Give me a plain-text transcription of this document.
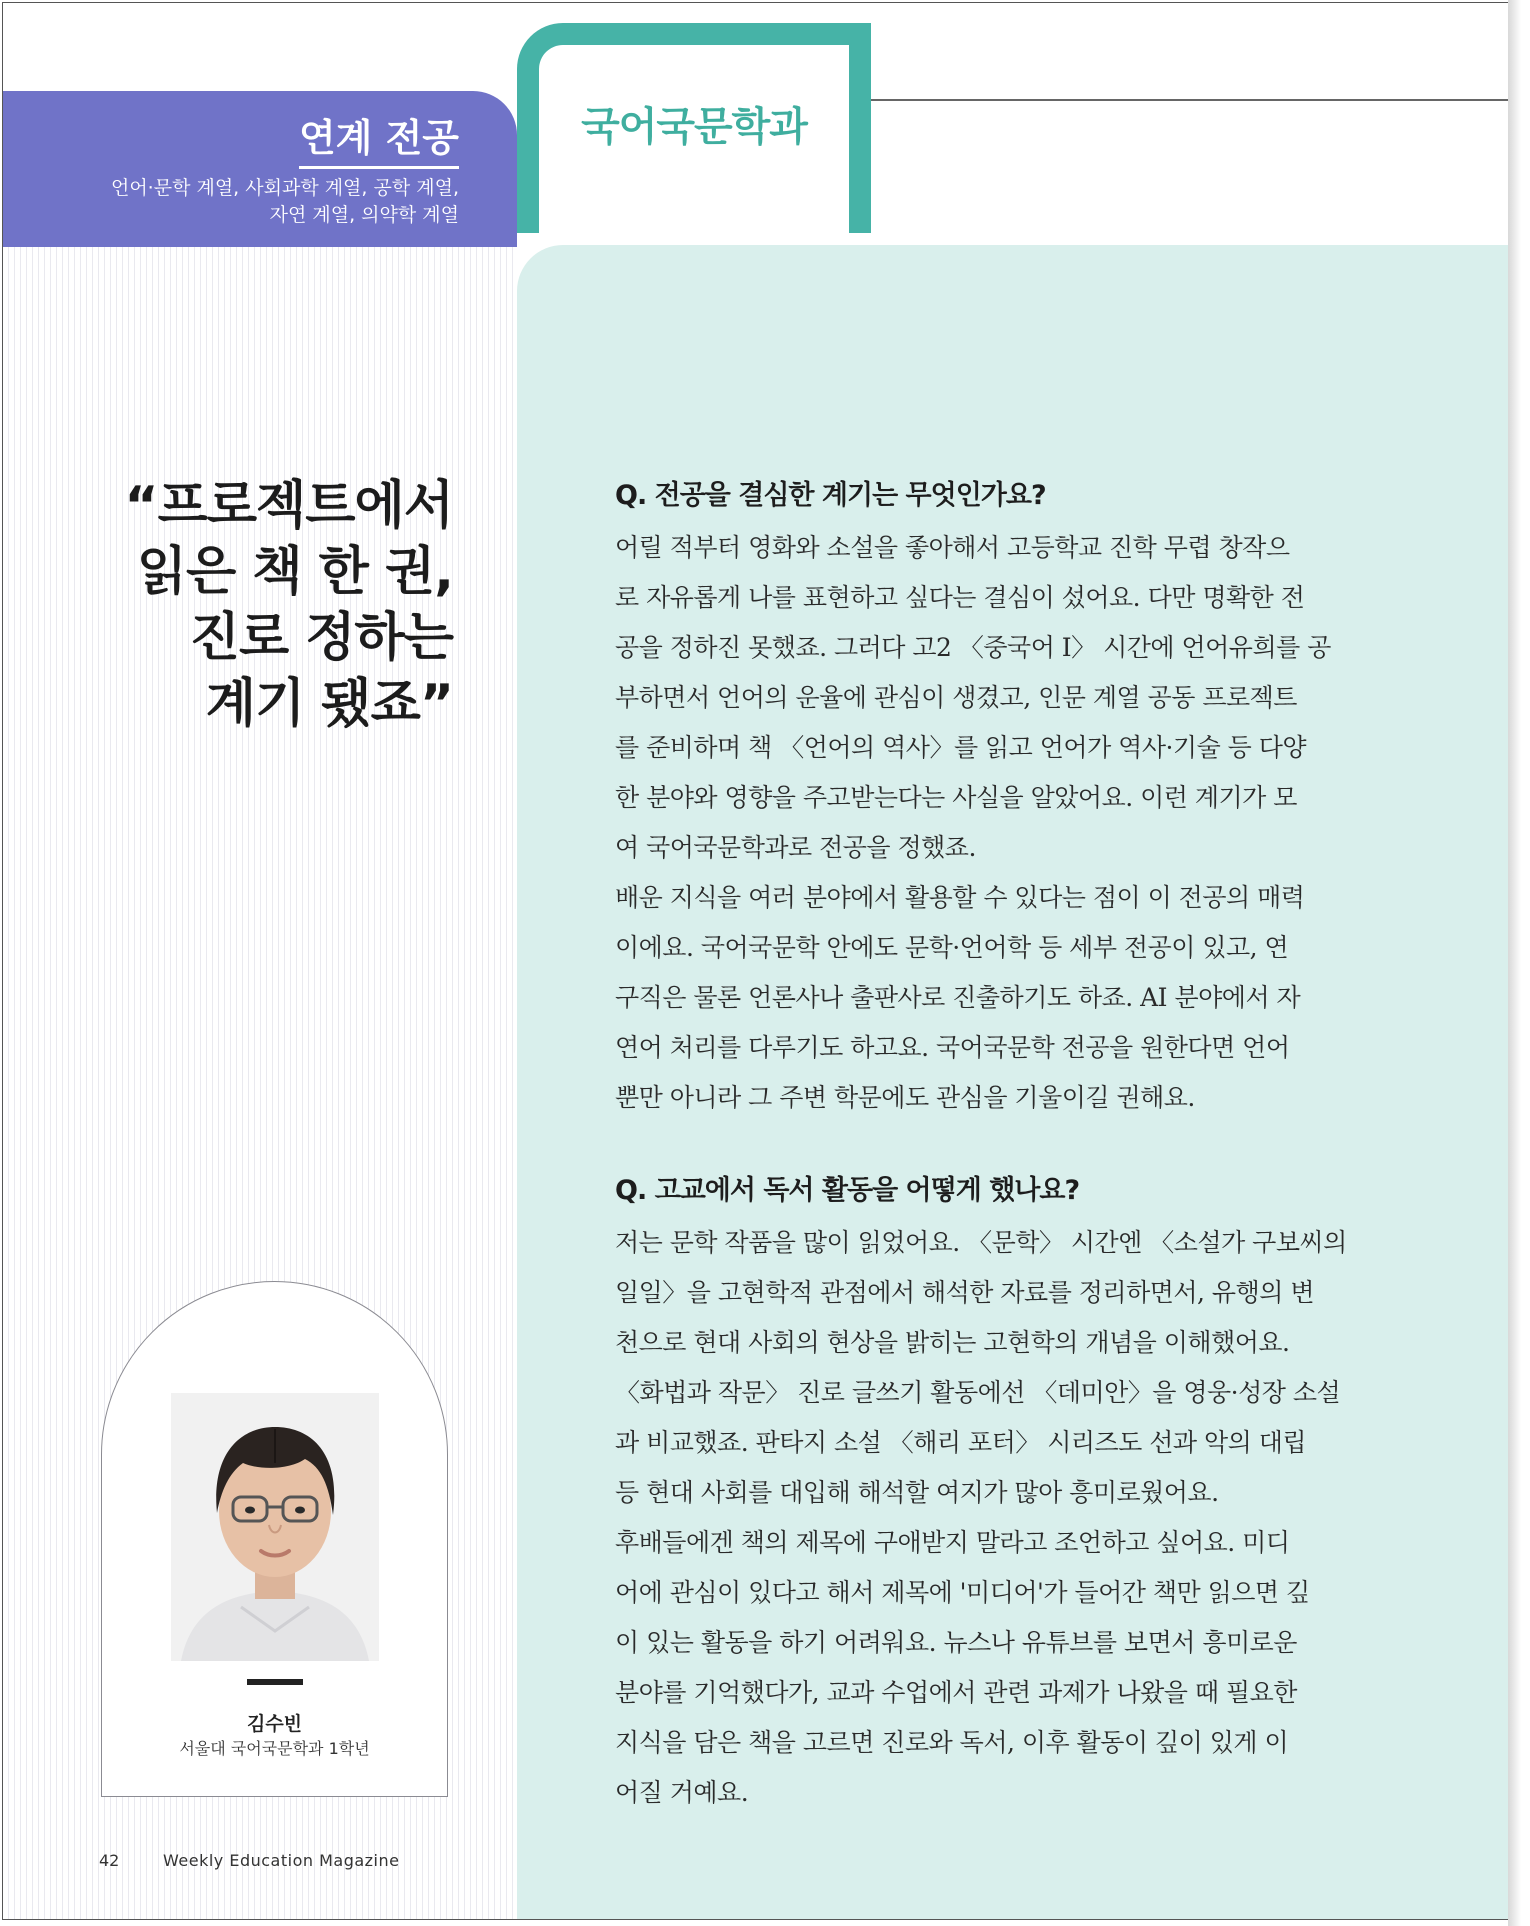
연계 전공
언어·문학 계열, 사회과학 계열, 공학 계열,
자연 계열, 의약학 계열
국어국문학과
“프로젝트에서
읽은 책 한 권,
진로 정하는
계기 됐죠”
김수빈
서울대 국어국문학과 1학년
42	Weekly Education Magazine
Q. 전공을 결심한 계기는 무엇인가요?
어릴 적부터 영화와 소설을 좋아해서 고등학교 진학 무렵 창작으
로 자유롭게 나를 표현하고 싶다는 결심이 섰어요. 다만 명확한 전
공을 정하진 못했죠. 그러다 고2 〈중국어 Ⅰ〉 시간에 언어유희를 공
부하면서 언어의 운율에 관심이 생겼고, 인문 계열 공동 프로젝트
를 준비하며 책 〈언어의 역사〉를 읽고 언어가 역사·기술 등 다양
한 분야와 영향을 주고받는다는 사실을 알았어요. 이런 계기가 모
여 국어국문학과로 전공을 정했죠.
배운 지식을 여러 분야에서 활용할 수 있다는 점이 이 전공의 매력
이에요. 국어국문학 안에도 문학·언어학 등 세부 전공이 있고, 연
구직은 물론 언론사나 출판사로 진출하기도 하죠. AI 분야에서 자
연어 처리를 다루기도 하고요. 국어국문학 전공을 원한다면 언어
뿐만 아니라 그 주변 학문에도 관심을 기울이길 권해요.
Q. 고교에서 독서 활동을 어떻게 했나요?
저는 문학 작품을 많이 읽었어요. 〈문학〉 시간엔 〈소설가 구보씨의
일일〉을 고현학적 관점에서 해석한 자료를 정리하면서, 유행의 변
천으로 현대 사회의 현상을 밝히는 고현학의 개념을 이해했어요.
〈화법과 작문〉 진로 글쓰기 활동에선 〈데미안〉을 영웅·성장 소설
과 비교했죠. 판타지 소설 〈해리 포터〉 시리즈도 선과 악의 대립
등 현대 사회를 대입해 해석할 여지가 많아 흥미로웠어요.
후배들에겐 책의 제목에 구애받지 말라고 조언하고 싶어요. 미디
어에 관심이 있다고 해서 제목에 '미디어'가 들어간 책만 읽으면 깊
이 있는 활동을 하기 어려워요. 뉴스나 유튜브를 보면서 흥미로운
분야를 기억했다가, 교과 수업에서 관련 과제가 나왔을 때 필요한
지식을 담은 책을 고르면 진로와 독서, 이후 활동이 깊이 있게 이
어질 거예요.
